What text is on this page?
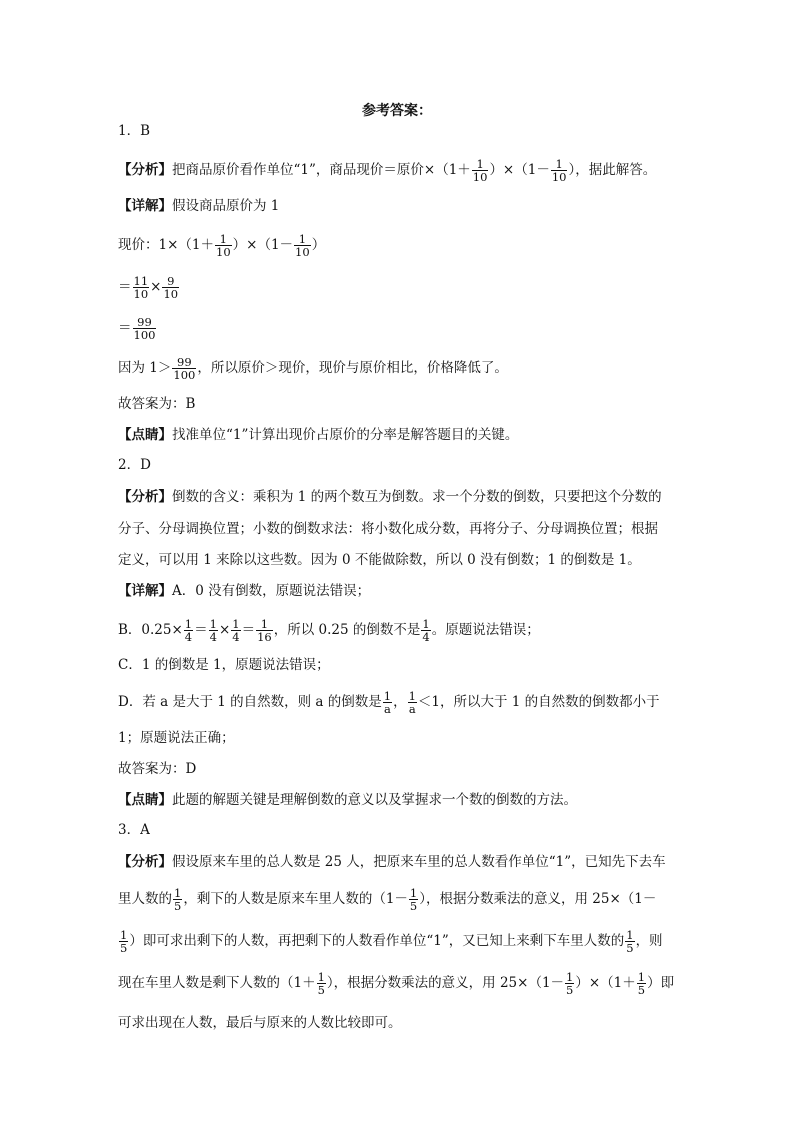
参考答案：
1．B
【分析】把商品原价看作单位“1”，商品现价＝原价$\times(1+ \frac{1}{10} )\times(1- \frac{1}{10}$ ），据此解答。
【详解】假设商品原价为 1
现价：$1\times(1+ \frac{1}{10} )\times(1- \frac{1}{10}$ ）
＝ $\frac{11}{10} \times \frac{9}{10}$
＝ $\frac{99}{100}$
因为 $1> \frac{99}{100}$ ，所以原价＞现价，现价与原价相比，价格降低了。
故答案为：B
【点睛】找准单位“1”计算出现价占原价的分率是解答题目的关键。
2．D
【分析】倒数的含义：乘积为 1 的两个数互为倒数。求一个分数的倒数，只要把这个分数的
分子、分母调换位置；小数的倒数求法：将小数化成分数，再将分子、分母调换位置；根据
定义，可以用 1 来除以这些数。因为 0 不能做除数，所以 0 没有倒数；1 的倒数是 1。
【详解】A．0 没有倒数，原题说法错误；
B．$0.25\times \frac{1}{4} = \frac{1}{4} \times \frac{1}{4} = \frac{1}{16}$ ，所以 0.25 的倒数不是 $\frac{1}{4}$ 。原题说法错误；
C．1 的倒数是 1，原题说法错误；
D．若 a 是大于 1 的自然数，则 a 的倒数是 $\frac{1}{a}$ ， $\frac{1}{a} <1$，所以大于 1 的自然数的倒数都小于
1；原题说法正确；
故答案为：D
【点睛】此题的解题关键是理解倒数的意义以及掌握求一个数的倒数的方法。
3．A
【分析】假设原来车里的总人数是 25 人，把原来车里的总人数看作单位“1”，已知先下去车
里人数的 $\frac{1}{5}$ ，剩下的人数是原来车里人数的（$1- \frac{1}{5}$ ），根据分数乘法的意义，用 25×（1－
$\frac{1}{5}$ ）即可求出剩下的人数，再把剩下的人数看作单位“1”，又已知上来剩下车里人数的 $\frac{1}{5}$ ，则
现在车里人数是剩下人数的（$1+ \frac{1}{5}$ ），根据分数乘法的意义，用 $25\times(1- \frac{1}{5} )\times(1+ \frac{1}{5}$ ）即
可求出现在人数，最后与原来的人数比较即可。
